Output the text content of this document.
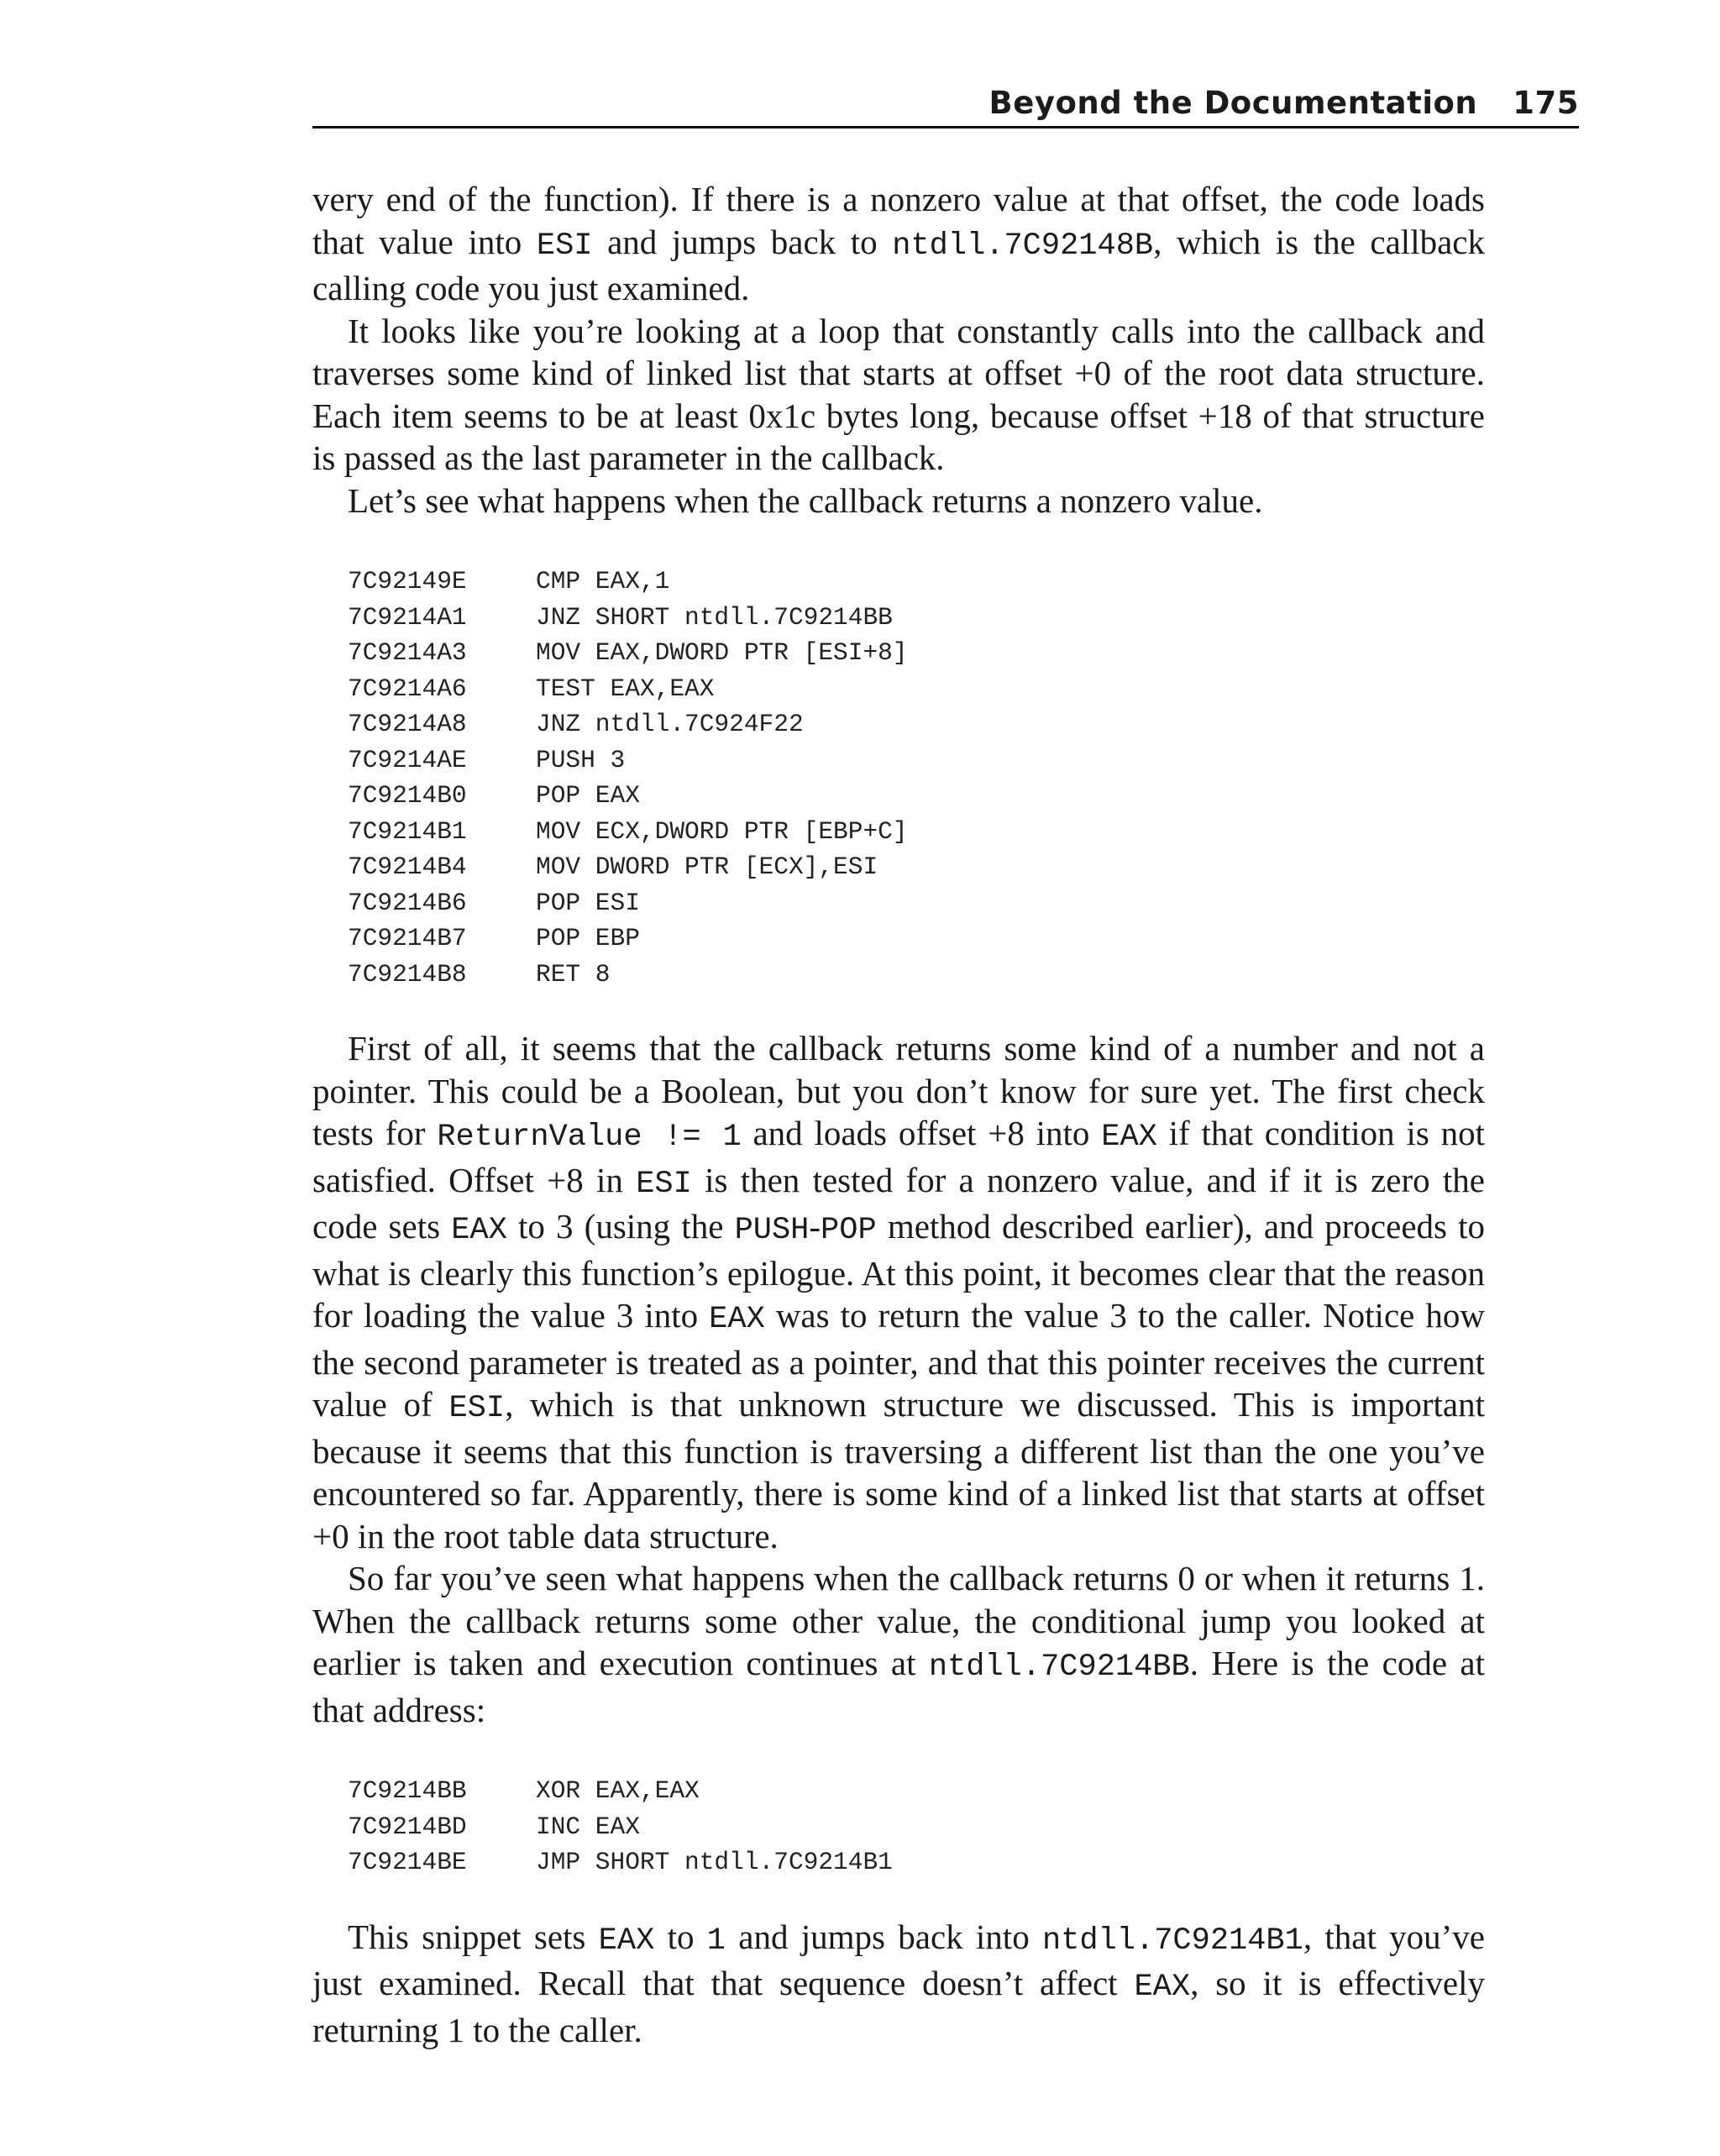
Beyond the Documentation 175

very end of the function). If there is a nonzero value at that offset, the code loads that value into ESI and jumps back to ntdll.7C92148B, which is the callback calling code you just examined.

It looks like you’re looking at a loop that constantly calls into the callback and traverses some kind of linked list that starts at offset +0 of the root data structure. Each item seems to be at least 0x1c bytes long, because offset +18 of that structure is passed as the last parameter in the callback.

Let’s see what happens when the callback returns a nonzero value.

7C92149E	CMP EAX,1
7C9214A1	JNZ SHORT ntdll.7C9214BB
7C9214A3	MOV EAX,DWORD PTR [ESI+8]
7C9214A6	TEST EAX,EAX
7C9214A8	JNZ ntdll.7C924F22
7C9214AE	PUSH 3
7C9214B0	POP EAX
7C9214B1	MOV ECX,DWORD PTR [EBP+C]
7C9214B4	MOV DWORD PTR [ECX],ESI
7C9214B6	POP ESI
7C9214B7	POP EBP
7C9214B8	RET 8

First of all, it seems that the callback returns some kind of a number and not a pointer. This could be a Boolean, but you don’t know for sure yet. The first check tests for ReturnValue != 1 and loads offset +8 into EAX if that condition is not satisfied. Offset +8 in ESI is then tested for a nonzero value, and if it is zero the code sets EAX to 3 (using the PUSH-POP method described earlier), and proceeds to what is clearly this function’s epilogue. At this point, it becomes clear that the reason for loading the value 3 into EAX was to return the value 3 to the caller. Notice how the second parameter is treated as a pointer, and that this pointer receives the current value of ESI, which is that unknown structure we discussed. This is important because it seems that this function is traversing a different list than the one you’ve encountered so far. Apparently, there is some kind of a linked list that starts at offset +0 in the root table data structure.

So far you’ve seen what happens when the callback returns 0 or when it returns 1. When the callback returns some other value, the conditional jump you looked at earlier is taken and execution continues at ntdll.7C9214BB. Here is the code at that address:

7C9214BB	XOR EAX,EAX
7C9214BD	INC EAX
7C9214BE	JMP SHORT ntdll.7C9214B1

This snippet sets EAX to 1 and jumps back into ntdll.7C9214B1, that you’ve just examined. Recall that that sequence doesn’t affect EAX, so it is effectively returning 1 to the caller.
